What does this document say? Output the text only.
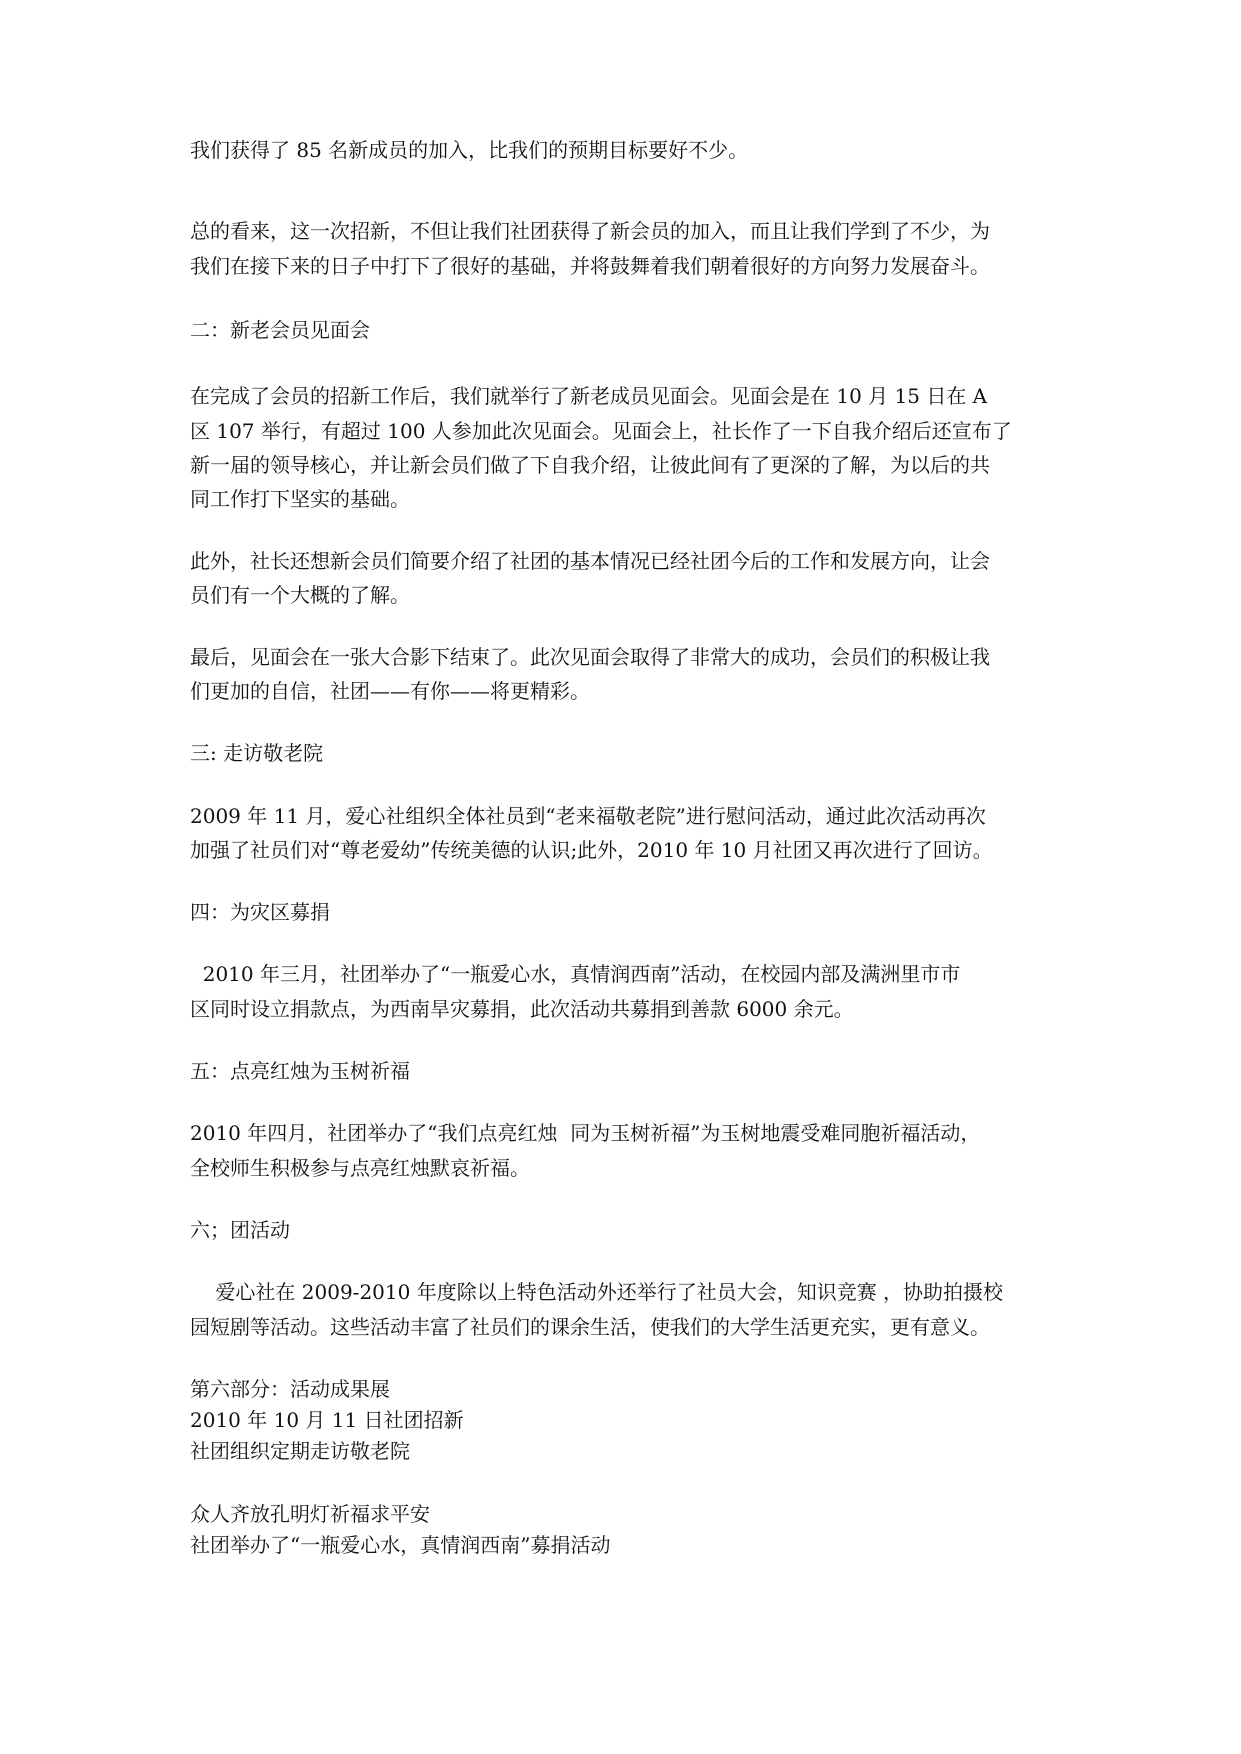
我们获得了 85 名新成员的加入，比我们的预期目标要好不少。
总的看来，这一次招新，不但让我们社团获得了新会员的加入，而且让我们学到了不少，为
我们在接下来的日子中打下了很好的基础，并将鼓舞着我们朝着很好的方向努力发展奋斗。
二：新老会员见面会
在完成了会员的招新工作后，我们就举行了新老成员见面会。见面会是在 10 月 15 日在 A
区 107 举行，有超过 100 人参加此次见面会。见面会上，社长作了一下自我介绍后还宣布了
新一届的领导核心，并让新会员们做了下自我介绍，让彼此间有了更深的了解，为以后的共
同工作打下坚实的基础。
此外，社长还想新会员们简要介绍了社团的基本情况已经社团今后的工作和发展方向，让会
员们有一个大概的了解。
最后，见面会在一张大合影下结束了。此次见面会取得了非常大的成功，会员们的积极让我
们更加的自信，社团——有你——将更精彩。
三: 走访敬老院
2009 年 11 月，爱心社组织全体社员到“老来福敬老院”进行慰问活动，通过此次活动再次
加强了社员们对“尊老爱幼”传统美德的认识;此外，2010 年 10 月社团又再次进行了回访。
四：为灾区募捐
2010 年三月，社团举办了“一瓶爱心水，真情润西南”活动，在校园内部及满洲里市市
区同时设立捐款点，为西南旱灾募捐，此次活动共募捐到善款 6000 余元。
五：点亮红烛为玉树祈福
2010 年四月，社团举办了“我们点亮红烛  同为玉树祈福”为玉树地震受难同胞祈福活动，
全校师生积极参与点亮红烛默哀祈福。
六；团活动
爱心社在 2009-2010 年度除以上特色活动外还举行了社员大会，知识竞赛 ，协助拍摄校
园短剧等活动。这些活动丰富了社员们的课余生活，使我们的大学生活更充实，更有意义。
第六部分：活动成果展
2010 年 10 月 11 日社团招新
社团组织定期走访敬老院
众人齐放孔明灯祈福求平安
社团举办了“一瓶爱心水，真情润西南”募捐活动
